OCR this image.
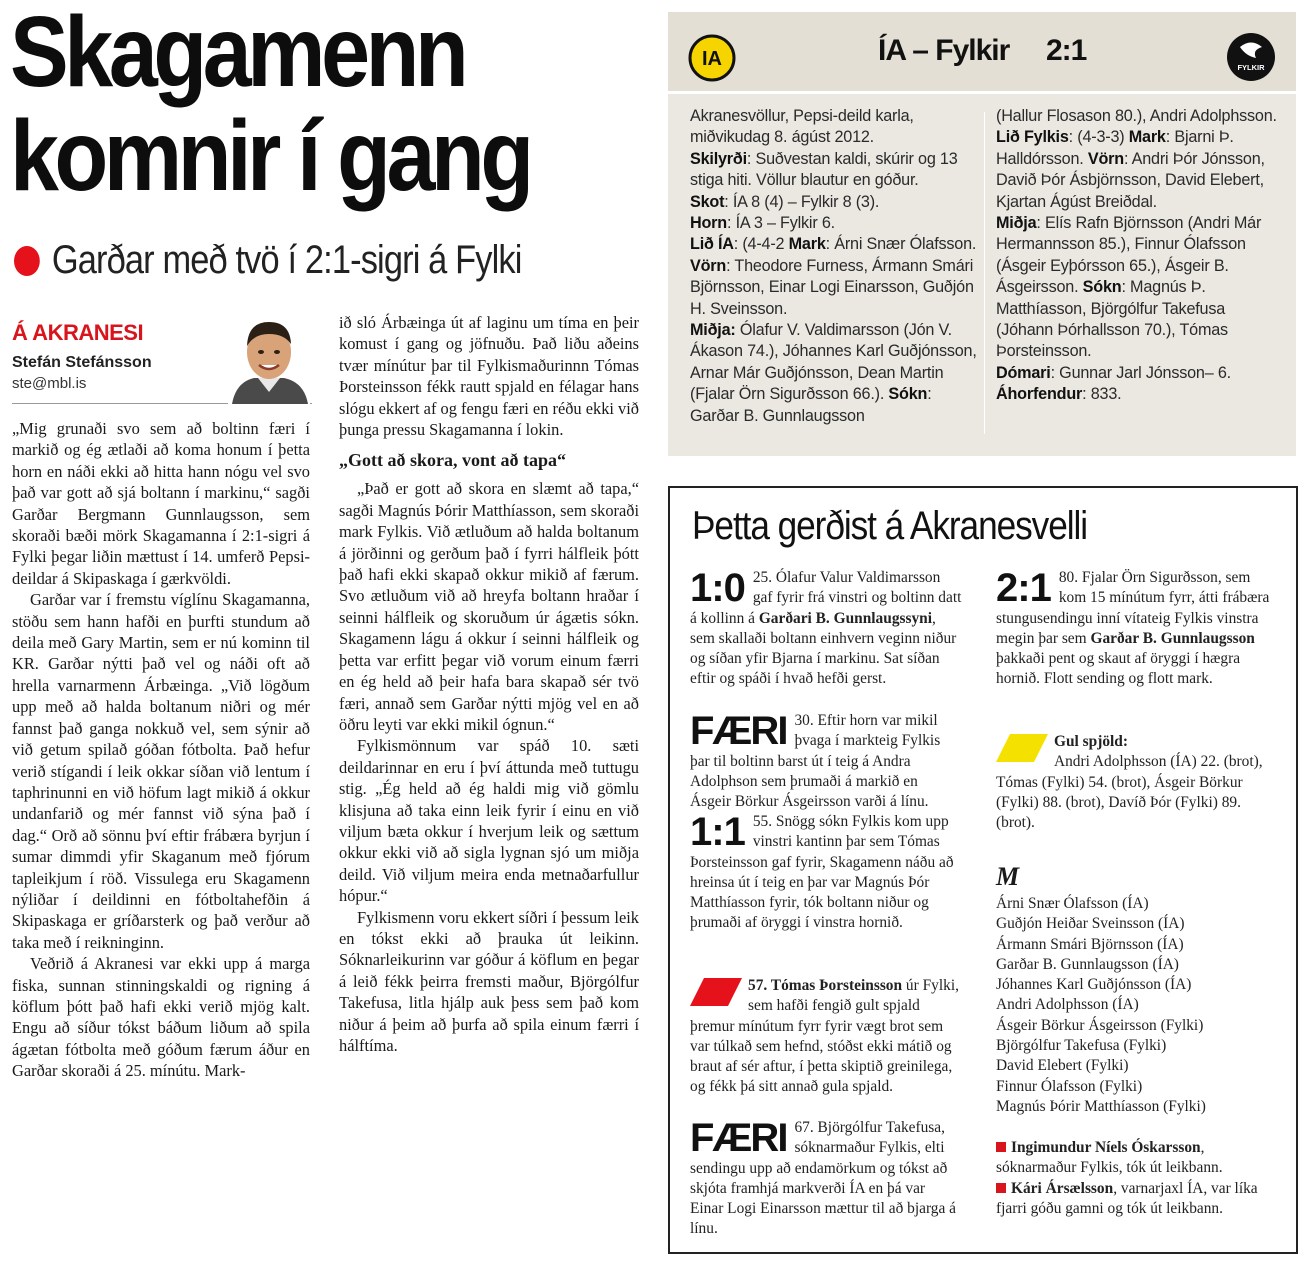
Skagamenn
komnir í gang
Garðar með tvö í 2:1-sigri á Fylki
Á AKRANESI
Stefán Stefánsson
ste@mbl.is

„Mig grunaði svo sem að boltinn færi í markið og ég ætlaði að koma honum í þetta horn en náði ekki að hitta hann nógu vel svo það var gott að sjá boltann í markinu,“ sagði Garðar Bergmann Gunnlaugsson, sem skoraði bæði mörk Skagamanna í 2:1-sigri á Fylki þegar liðin mættust í 14. umferð Pepsi-deildar á Skipaskaga í gærkvöldi.

Garðar var í fremstu víglínu Skagamanna, stöðu sem hann hafði en þurfti stundum að deila með Gary Martin, sem er nú kominn til KR. Garðar nýtti það vel og náði oft að hrella varnarmenn Árbæinga. „Við lögðum upp með að halda boltanum niðri og mér fannst það ganga nokkuð vel, sem sýnir að við getum spilað góðan fótbolta. Það hefur verið stígandi í leik okkar síðan við lentum í taphrinunni en við höfum lagt mikið á okkur undanfarið og mér fannst við sýna það í dag.“ Orð að sönnu því eftir frábæra byrjun í sumar dimmdi yfir Skaganum með fjórum tapleikjum í röð. Vissulega eru Skagamenn nýliðar í deildinni en fótboltahefðin á Skipaskaga er gríðarsterk og það verður að taka með í reikninginn.

Veðrið á Akranesi var ekki upp á marga fiska, sunnan stinningskaldi og rigning á köflum þótt það hafi ekki verið mjög kalt. Engu að síður tókst báðum liðum að spila ágætan fótbolta með góðum færum áður en Garðar skoraði á 25. mínútu. Mark-

ið sló Árbæinga út af laginu um tíma en þeir komust í gang og jöfnuðu. Það liðu aðeins tvær mínútur þar til Fylkismaðurinnn Tómas Þorsteinsson fékk rautt spjald en félagar hans slógu ekkert af og fengu færi en réðu ekki við þunga pressu Skagamanna í lokin.

„Gott að skora, vont að tapa“

„Það er gott að skora en slæmt að tapa,“ sagði Magnús Þórir Matthíasson, sem skoraði mark Fylkis. Við ætluðum að halda boltanum á jörðinni og gerðum það í fyrri hálfleik þótt það hafi ekki skapað okkur mikið af færum. Svo ætluðum við að hreyfa boltann hraðar í seinni hálfleik og skoruðum úr ágætis sókn. Skagamenn lágu á okkur í seinni hálfleik og þetta var erfitt þegar við vorum einum færri en ég held að þeir hafa bara skapað sér tvö færi, annað sem Garðar nýtti mjög vel en að öðru leyti var ekki mikil ógnun.“

Fylkismönnum var spáð 10. sæti deildarinnar en eru í því áttunda með tuttugu stig. „Ég held að ég haldi mig við gömlu klisjuna að taka einn leik fyrir í einu en við viljum bæta okkur í hverjum leik og sættum okkur ekki við að sigla lygnan sjó um miðja deild. Við viljum meira enda metnaðarfullur hópur.“

Fylkismenn voru ekkert síðri í þessum leik en tókst ekki að þrauka út leikinn. Sóknarleikurinn var góður á köflum en þegar á leið fékk þeirra fremsti maður, Björgólfur Takefusa, litla hjálp auk þess sem það kom niður á þeim að þurfa að spila einum færri í hálftíma.

IA	ÍA – Fylkir 2:1
FYLKIR
Akranesvöllur, Pepsi-deild karla, miðvikudag 8. ágúst 2012.
Skilyrði: Suðvestan kaldi, skúrir og 13 stiga hiti. Völlur blautur en góður.
Skot: ÍA 8 (4) – Fylkir 8 (3).
Horn: ÍA 3 – Fylkir 6.
Lið ÍA: (4-4-2 Mark: Árni Snær Ólafsson. Vörn: Theodore Furness, Ármann Smári Björnsson, Einar Logi Einarsson, Guðjón H. Sveinsson.
Miðja: Ólafur V. Valdimarsson (Jón V. Ákason 74.), Jóhannes Karl Guðjónsson, Arnar Már Guðjónsson, Dean Martin (Fjalar Örn Sigurðsson 66.). Sókn: Garðar B. Gunnlaugsson
(Hallur Flosason 80.), Andri Adolphsson.
Lið Fylkis: (4-3-3) Mark: Bjarni Þ. Halldórsson. Vörn: Andri Þór Jónsson, Davið Þór Ásbjörnsson, David Elebert, Kjartan Ágúst Breiðdal.
Miðja: Elís Rafn Björnsson (Andri Már Hermannsson 85.), Finnur Ólafsson (Ásgeir Eyþórsson 65.), Ásgeir B. Ásgeirsson. Sókn: Magnús Þ. Matthíasson, Björgólfur Takefusa (Jóhann Þórhallsson 70.), Tómas Þorsteinsson.
Dómari: Gunnar Jarl Jónsson– 6.
Áhorfendur: 833.
Þetta gerðist á Akranesvelli
1:0 25. Ólafur Valur Valdimarsson gaf fyrir frá vinstri og boltinn datt á kollinn á Garðari B. Gunnlaugssyni, sem skallaði boltann einhvern veginn niður og síðan yfir Bjarna í markinu. Sat síðan eftir og spáði í hvað hefði gerst.
FÆRI 30. Eftir horn var mikil þvaga í markteig Fylkis þar til boltinn barst út í teig á Andra Adolphson sem þrumaði á markið en Ásgeir Börkur Ásgeirsson varði á línu.
1:1 55. Snögg sókn Fylkis kom upp vinstri kantinn þar sem Tómas Þorsteinsson gaf fyrir, Skagamenn náðu að hreinsa út í teig en þar var Magnús Þór Matthíasson fyrir, tók boltann niður og þrumaði af öryggi í vinstra hornið.
57. Tómas Þorsteinsson úr Fylki, sem hafði fengið gult spjald þremur mínútum fyrr fyrir vægt brot sem var túlkað sem hefnd, stóðst ekki mátið og braut af sér aftur, í þetta skiptið greinilega, og fékk þá sitt annað gula spjald.
FÆRI 67. Björgólfur Takefusa, sóknarmaður Fylkis, elti sendingu upp að endamörkum og tókst að skjóta framhjá markverði ÍA en þá var Einar Logi Einarsson mættur til að bjarga á línu.
2:1 80. Fjalar Örn Sigurðsson, sem kom 15 mínútum fyrr, átti frábæra stungusendingu inní vítateig Fylkis vinstra megin þar sem Garðar B. Gunnlaugsson þakkaði pent og skaut af öryggi í hægra hornið. Flott sending og flott mark.
Gul spjöld:
Andri Adolphsson (ÍA) 22. (brot), Tómas (Fylki) 54. (brot), Ásgeir Börkur (Fylki) 88. (brot), Davíð Þór (Fylki) 89. (brot).
M
Árni Snær Ólafsson (ÍA)
Guðjón Heiðar Sveinsson (ÍA)
Ármann Smári Björnsson (ÍA)
Garðar B. Gunnlaugsson (ÍA)
Jóhannes Karl Guðjónsson (ÍA)
Andri Adolphsson (ÍA)
Ásgeir Börkur Ásgeirsson (Fylki)
Björgólfur Takefusa (Fylki)
David Elebert (Fylki)
Finnur Ólafsson (Fylki)
Magnús Þórir Matthíasson (Fylki)
Ingimundur Níels Óskarsson, sóknarmaður Fylkis, tók út leikbann.
Kári Ársælsson, varnarjaxl ÍA, var líka fjarri góðu gamni og tók út leikbann.
